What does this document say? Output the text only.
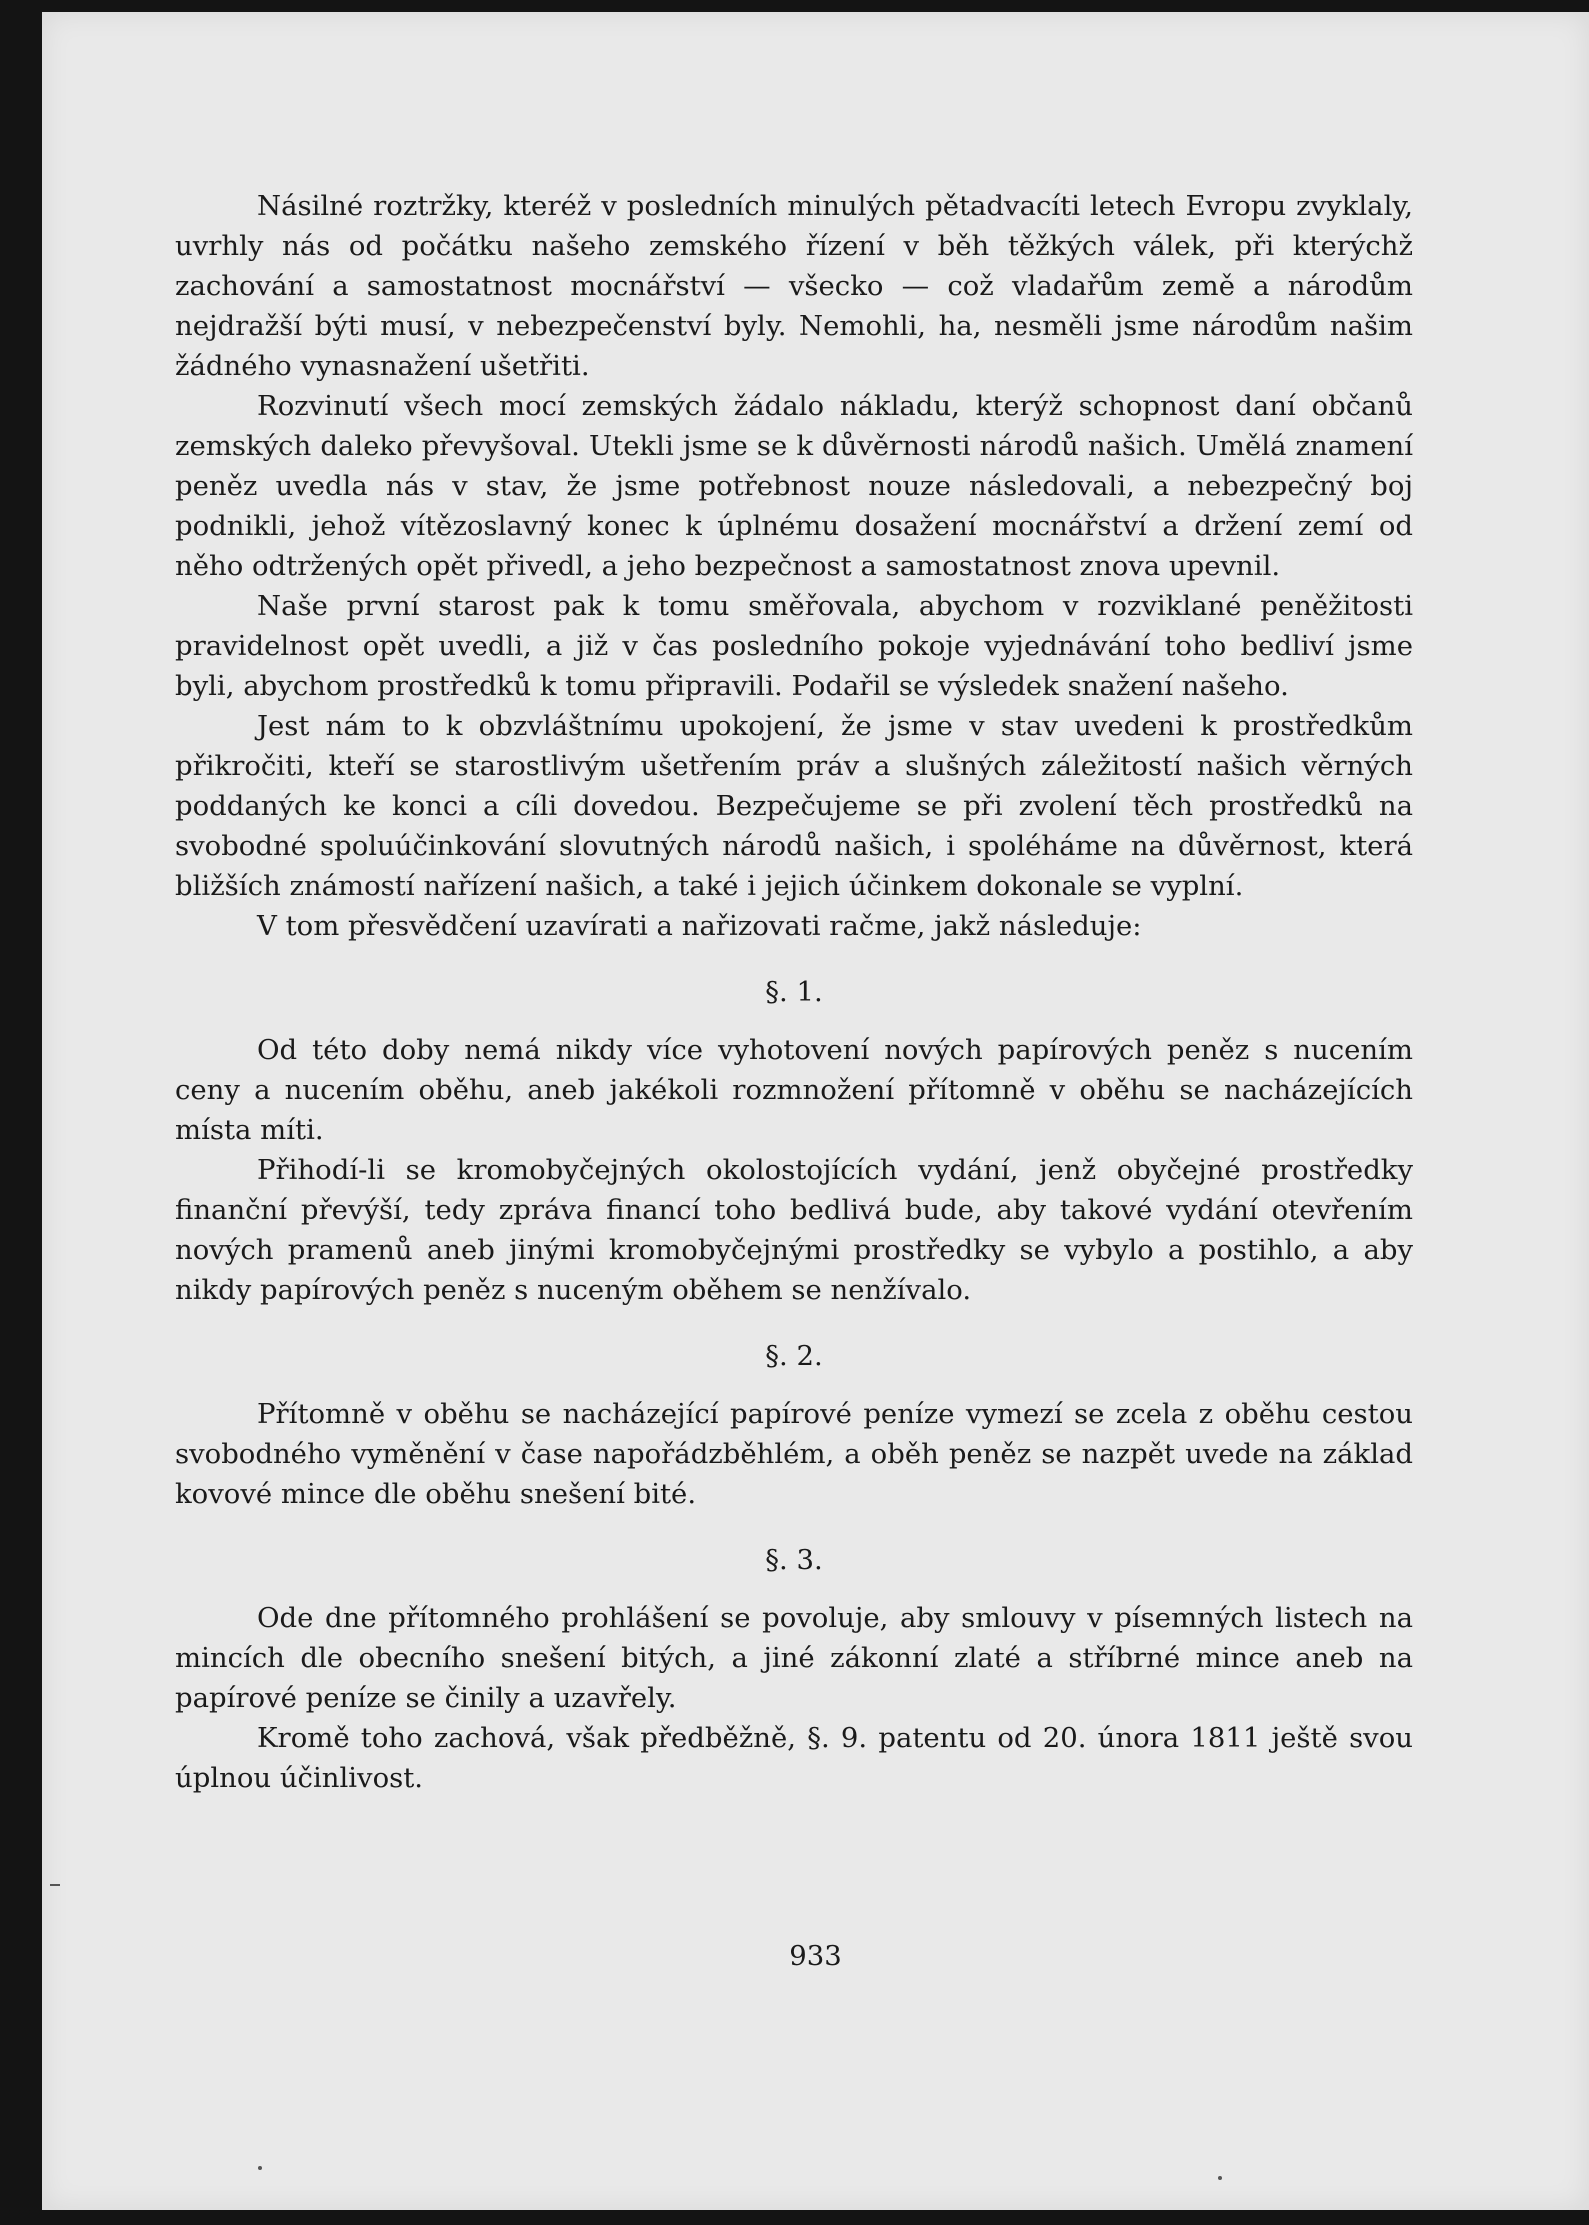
Násilné roztržky, kteréž v posledních minulých pětadvacíti letech Evropu zvyklaly, uvrhly nás od počátku našeho zemského řízení v běh těžkých válek, při kterýchž zachování a samostatnost mocnářství — všecko — což vladařům země a národům nejdražší býti musí, v nebezpečenství byly. Nemohli, ha, nesměli jsme národům našim žádného vynasnažení ušetřiti.

Rozvinutí všech mocí zemských žádalo nákladu, kterýž schopnost daní občanů zemských daleko převyšoval. Utekli jsme se k důvěrnosti národů našich. Umělá znamení peněz uvedla nás v stav, že jsme potřebnost nouze následovali, a nebezpečný boj podnikli, jehož vítězoslavný konec k úplnému dosažení mocnářství a držení zemí od něho odtržených opět přivedl, a jeho bezpečnost a samostatnost znova upevnil.

Naše první starost pak k tomu směřovala, abychom v rozviklané peněžitosti pravidelnost opět uvedli, a již v čas posledního pokoje vyjednávání toho bedliví jsme byli, abychom prostředků k tomu připravili. Podařil se výsledek snažení našeho.

Jest nám to k obzvláštnímu upokojení, že jsme v stav uvedeni k prostředkům přikročiti, kteří se starostlivým ušetřením práv a slušných záležitostí našich věrných poddaných ke konci a cíli dovedou. Bezpečujeme se při zvolení těch prostředků na svobodné spoluúčinkování slovutných národů našich, i spoléháme na důvěrnost, která bližších známostí nařízení našich, a také i jejich účinkem dokonale se vyplní.

V tom přesvědčení uzavírati a nařizovati račme, jakž následuje:

§. 1.

Od této doby nemá nikdy více vyhotovení nových papírových peněz s nucením ceny a nucením oběhu, aneb jakékoli rozmnožení přítomně v oběhu se nacházejících místa míti.

Přihodí-li se kromobyčejných okolostojících vydání, jenž obyčejné prostředky finanční převýší, tedy zpráva financí toho bedlivá bude, aby takové vydání otevřením nových pramenů aneb jinými kromobyčejnými prostředky se vybylo a postihlo, a aby nikdy papírových peněz s nuceným oběhem se nenžívalo.

§. 2.

Přítomně v oběhu se nacházející papírové peníze vymezí se zcela z oběhu cestou svobodného vyměnění v čase napořádzběhlém, a oběh peněz se nazpět uvede na základ kovové mince dle oběhu snešení bité.

§. 3.

Ode dne přítomného prohlášení se povoluje, aby smlouvy v písemných listech na mincích dle obecního snešení bitých, a jiné zákonní zlaté a stříbrné mince aneb na papírové peníze se činily a uzavřely.

Kromě toho zachová, však předběžně, §. 9. patentu od 20. února 1811 ještě svou úplnou účinlivost.

933
